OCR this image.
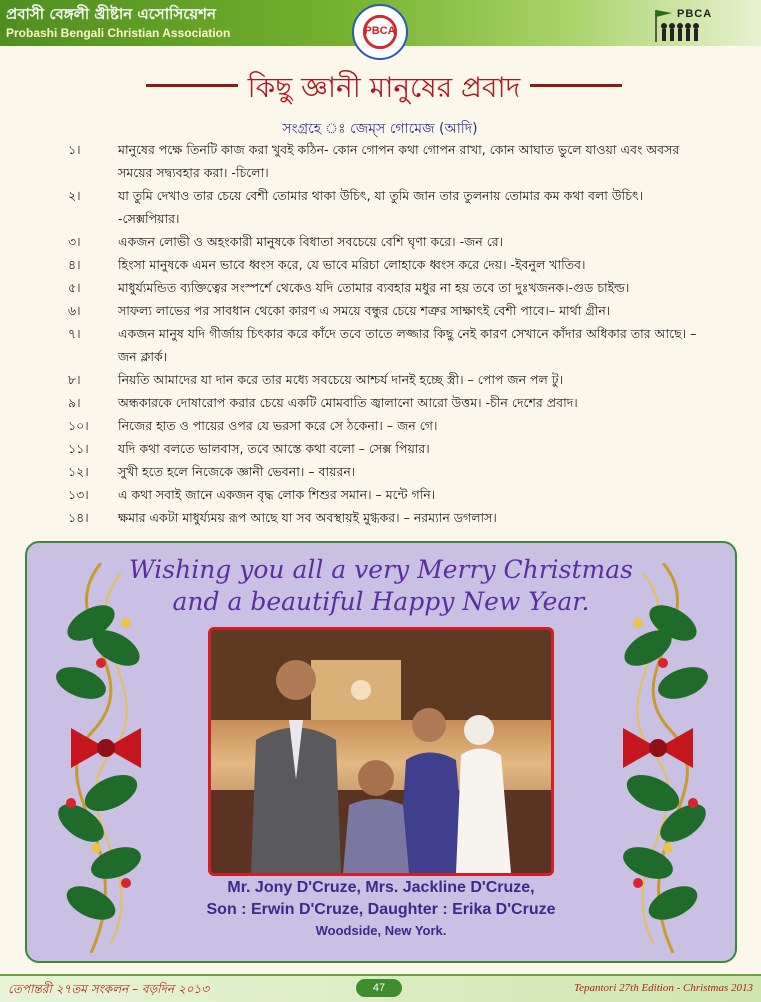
প্রবাসী বেঙ্গলী খ্রীষ্টান এসোসিয়েশন
Probashi Bengali Christian Association
PBCA
PBCA
কিছু জ্ঞানী মানুষের প্রবাদ
সংগ্রহে ঃ জেম্স গোমেজ (আদি)
১।	মানুষের পক্ষে তিনটি কাজ করা খুবই কঠিন- কোন গোপন কথা গোপন রাখা, কোন আঘাত ভুলে যাওয়া এবং অবসর সময়ের সদ্ব্যবহার করা। -চিলো।
২।	যা তুমি দেখাও তার চেয়ে বেশী তোমার থাকা উচিৎ, যা তুমি জান তার তুলনায় তোমার কম কথা বলা উচিৎ। -সেক্সপিয়ার।
৩।	একজন লোভী ও অহংকারী মানুষকে বিধাতা সবচেয়ে বেশি ঘৃণা করে। -জন রে।
৪।	হিংসা মানুষকে এমন ভাবে ধ্বংস করে, যে ভাবে মরিচা লোহাকে ধ্বংস করে দেয়। -ইবনুল খাতিব।
৫।	মাধুর্য্যমন্ডিত ব্যক্তিত্বের সংস্পর্শে থেকেও যদি তোমার ব্যবহার মধুর না হয় তবে তা দুঃখজনক।-গুড চাইল্ড।
৬।	সাফল্য লাভের পর সাবধান থেকো কারণ এ সময়ে বন্ধুর চেয়ে শত্রুর সাক্ষাৎই বেশী পাবে।– মার্থা গ্রীন।
৭।	একজন মানুষ যদি গীর্জায় চিৎকার করে কাঁদে তবে তাতে লজ্জার কিছু নেই কারণ সেখানে কাঁদার অধিকার তার আছে। –জন ক্লার্ক।
৮।	নিয়তি আমাদের যা দান করে তার মধ্যে সবচেয়ে আশ্চর্য দানই হচ্ছে স্ত্রী। – পোপ জন পল টু।
৯।	অন্ধকারকে দোষারোপ করার চেয়ে একটি মোমবাতি জ্বালানো আরো উত্তম। -চীন দেশের প্রবাদ।
১০। নিজের হাত ও পায়ের ওপর যে ভরসা করে সে ঠকেনা। – জন গে।
১১। যদি কথা বলতে ভালবাস, তবে আস্তে কথা বলো – সেক্স পিয়ার।
১২। সুখী হতে হলে নিজেকে জ্ঞানী ভেবনা। – বায়রন।
১৩। এ কথা সবাই জানে একজন বৃদ্ধ লোক শিশুর সমান। – মন্টে গনি।
১৪। ক্ষমার একটা মাধুর্য্যময় রূপ আছে যা সব অবস্থায়ই মুগ্ধকর। – নরম্যান ডগলাস।
Wishing you all a very Merry Christmas
and a beautiful Happy New Year.
Mr. Jony D'Cruze, Mrs. Jackline D'Cruze,
Son : Erwin D'Cruze, Daughter : Erika D'Cruze
Woodside, New York.
তেপান্তরী ২৭তম সংকলন – বড়দিন ২০১৩	47	Tepantori 27th Edition - Christmas 2013
